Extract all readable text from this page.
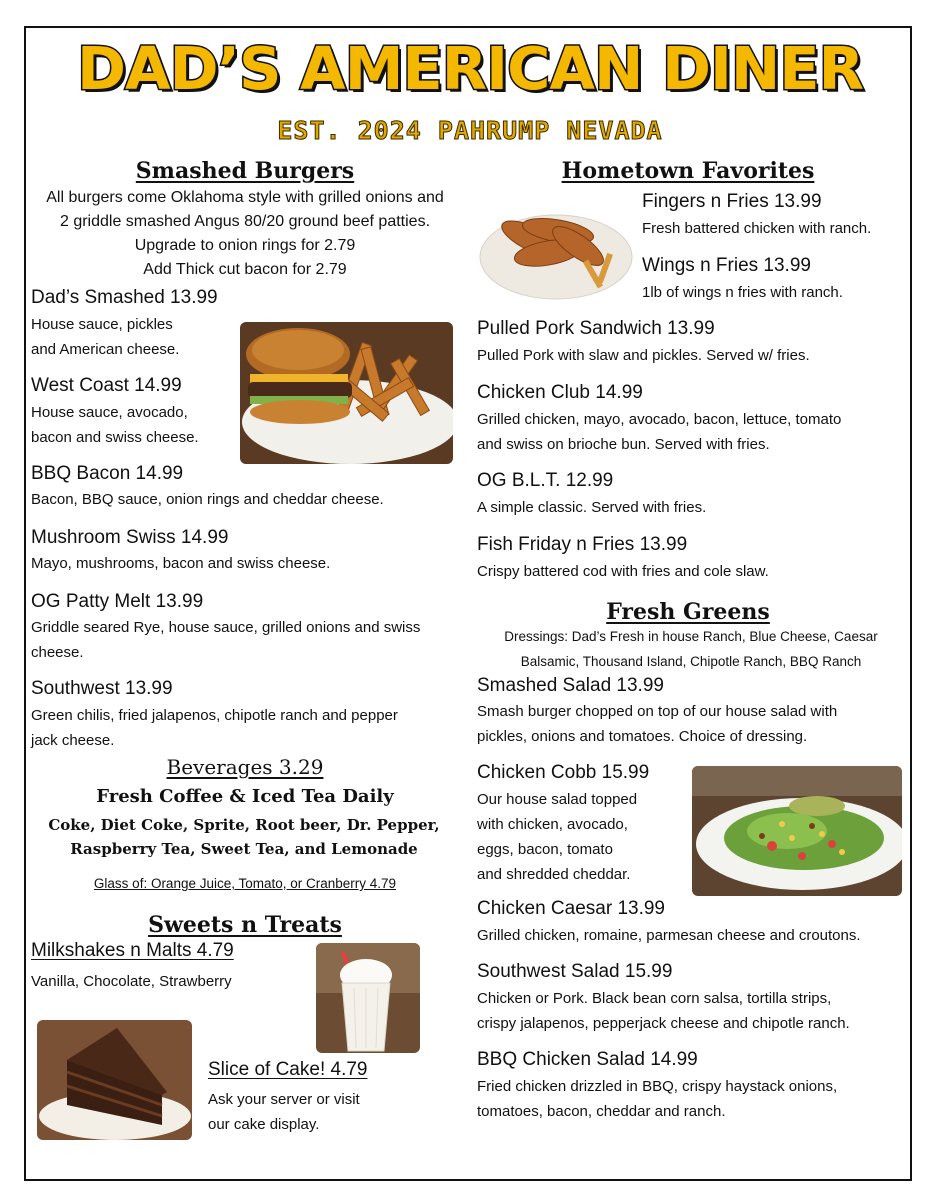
DAD’S AMERICAN DINER
EST. 2024 PAHRUMP NEVADA
Smashed Burgers
All burgers come Oklahoma style with grilled onions and
2 griddle smashed Angus 80/20 ground beef patties.
Upgrade to onion rings for 2.79
Add Thick cut bacon for 2.79
Dad’s Smashed 13.99
House sauce, pickles
and American cheese.
West Coast 14.99
House sauce, avocado,
bacon and swiss cheese.
BBQ Bacon 14.99
Bacon, BBQ sauce, onion rings and cheddar cheese.
Mushroom Swiss 14.99
Mayo, mushrooms, bacon and swiss cheese.
OG Patty Melt 13.99
Griddle seared Rye, house sauce, grilled onions and swiss
cheese.
Southwest 13.99
Green chilis, fried jalapenos, chipotle ranch and pepper
jack cheese.
Beverages 3.29
Fresh Coffee & Iced Tea Daily
Coke, Diet Coke, Sprite, Root beer, Dr. Pepper,
Raspberry Tea, Sweet Tea, and Lemonade
Glass of: Orange Juice, Tomato, or Cranberry 4.79
Sweets n Treats
Milkshakes n Malts 4.79
Vanilla, Chocolate, Strawberry
Slice of Cake! 4.79
Ask your server or visit
our cake display.
Hometown Favorites
Fingers n Fries 13.99
Fresh battered chicken with ranch.
Wings n Fries 13.99
1lb of wings n fries with ranch.
Pulled Pork Sandwich 13.99
Pulled Pork with slaw and pickles. Served w/ fries.
Chicken Club 14.99
Grilled chicken, mayo, avocado, bacon, lettuce, tomato
and swiss on brioche bun. Served with fries.
OG B.L.T. 12.99
A simple classic. Served with fries.
Fish Friday n Fries 13.99
Crispy battered cod with fries and cole slaw.
Fresh Greens
Dressings: Dad’s Fresh in house Ranch, Blue Cheese, Caesar
Balsamic, Thousand Island, Chipotle Ranch, BBQ Ranch
Smashed Salad 13.99
Smash burger chopped on top of our house salad with
pickles, onions and tomatoes. Choice of dressing.
Chicken Cobb 15.99
Our house salad topped
with chicken, avocado,
eggs, bacon, tomato
and shredded cheddar.
Chicken Caesar 13.99
Grilled chicken, romaine, parmesan cheese and croutons.
Southwest Salad 15.99
Chicken or Pork. Black bean corn salsa, tortilla strips,
crispy jalapenos, pepperjack cheese and chipotle ranch.
BBQ Chicken Salad 14.99
Fried chicken drizzled in BBQ, crispy haystack onions,
tomatoes, bacon, cheddar and ranch.
